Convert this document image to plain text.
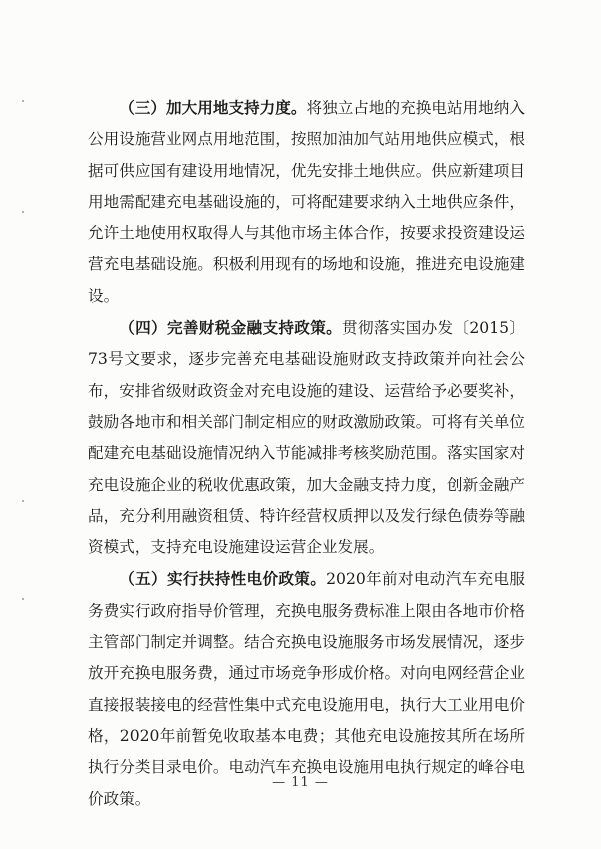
（三）加大用地支持力度。将独立占地的充换电站用地纳入公用设施营业网点用地范围，按照加油加气站用地供应模式，根据可供应国有建设用地情况，优先安排土地供应。供应新建项目用地需配建充电基础设施的，可将配建要求纳入土地供应条件，允许土地使用权取得人与其他市场主体合作，按要求投资建设运营充电基础设施。积极利用现有的场地和设施，推进充电设施建设。

（四）完善财税金融支持政策。贯彻落实国办发〔2015〕73号文要求，逐步完善充电基础设施财政支持政策并向社会公布，安排省级财政资金对充电设施的建设、运营给予必要奖补，鼓励各地市和相关部门制定相应的财政激励政策。可将有关单位配建充电基础设施情况纳入节能减排考核奖励范围。落实国家对充电设施企业的税收优惠政策，加大金融支持力度，创新金融产品，充分利用融资租赁、特许经营权质押以及发行绿色债券等融资模式，支持充电设施建设运营企业发展。

（五）实行扶持性电价政策。2020年前对电动汽车充电服务费实行政府指导价管理，充换电服务费标准上限由各地市价格主管部门制定并调整。结合充换电设施服务市场发展情况，逐步放开充换电服务费，通过市场竞争形成价格。对向电网经营企业直接报装接电的经营性集中式充电设施用电，执行大工业用电价格，2020年前暂免收取基本电费；其他充电设施按其所在场所执行分类目录电价。电动汽车充换电设施用电执行规定的峰谷电价政策。

— 11 —
